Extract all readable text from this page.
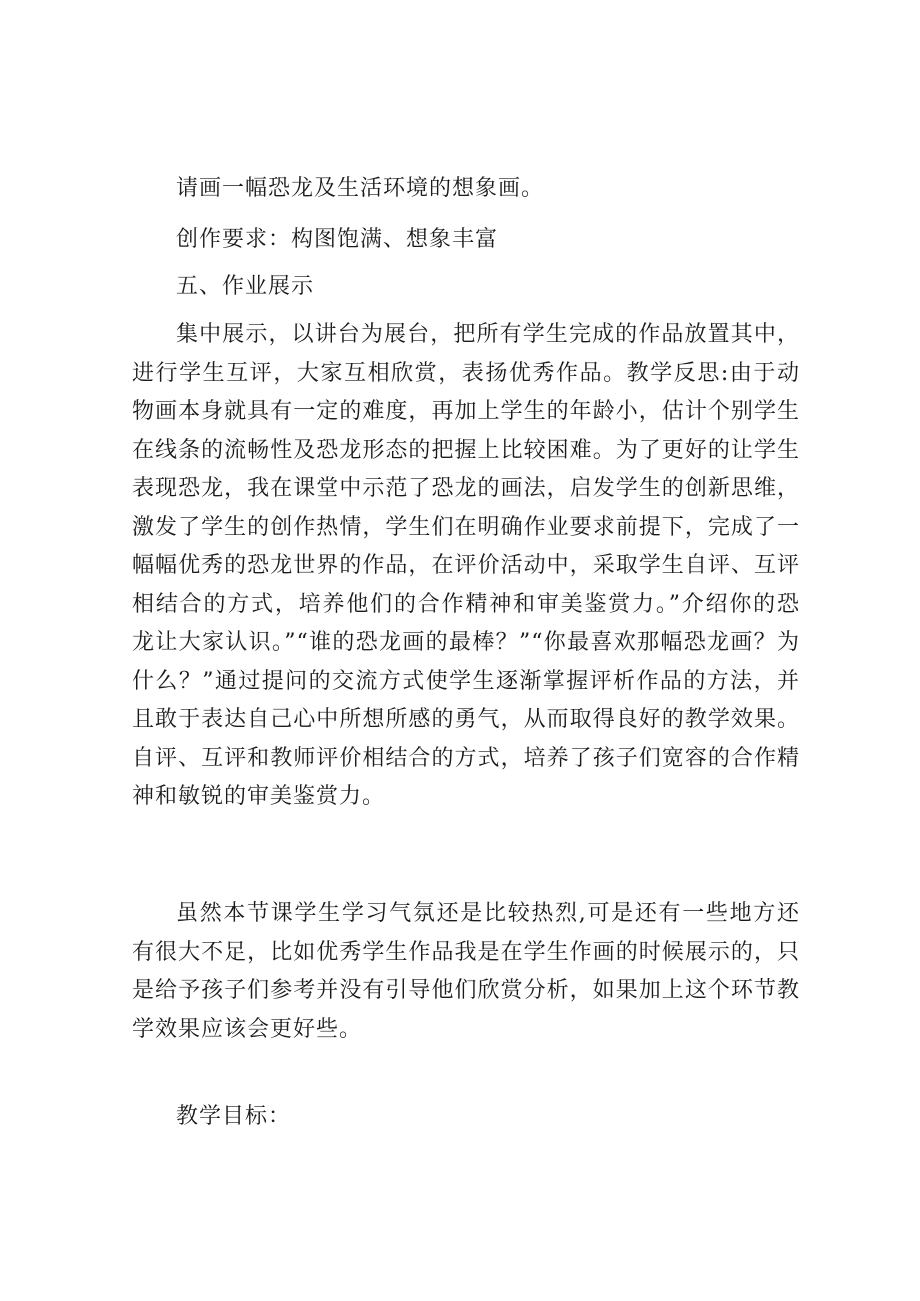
请画一幅恐龙及生活环境的想象画。

创作要求：构图饱满、想象丰富

五、作业展示

集中展示，以讲台为展台，把所有学生完成的作品放置其中，进行学生互评，大家互相欣赏，表扬优秀作品。教学反思:由于动物画本身就具有一定的难度，再加上学生的年龄小，估计个别学生在线条的流畅性及恐龙形态的把握上比较困难。为了更好的让学生表现恐龙，我在课堂中示范了恐龙的画法，启发学生的创新思维，激发了学生的创作热情，学生们在明确作业要求前提下，完成了一幅幅优秀的恐龙世界的作品，在评价活动中，采取学生自评、互评相结合的方式，培养他们的合作精神和审美鉴赏力。”介绍你的恐龙让大家认识。”“谁的恐龙画的最棒？”“你最喜欢那幅恐龙画？为什么？”通过提问的交流方式使学生逐渐掌握评析作品的方法，并且敢于表达自己心中所想所感的勇气，从而取得良好的教学效果。自评、互评和教师评价相结合的方式，培养了孩子们宽容的合作精神和敏锐的审美鉴赏力。

虽然本节课学生学习气氛还是比较热烈,可是还有一些地方还有很大不足，比如优秀学生作品我是在学生作画的时候展示的，只是给予孩子们参考并没有引导他们欣赏分析，如果加上这个环节教学效果应该会更好些。

教学目标：
